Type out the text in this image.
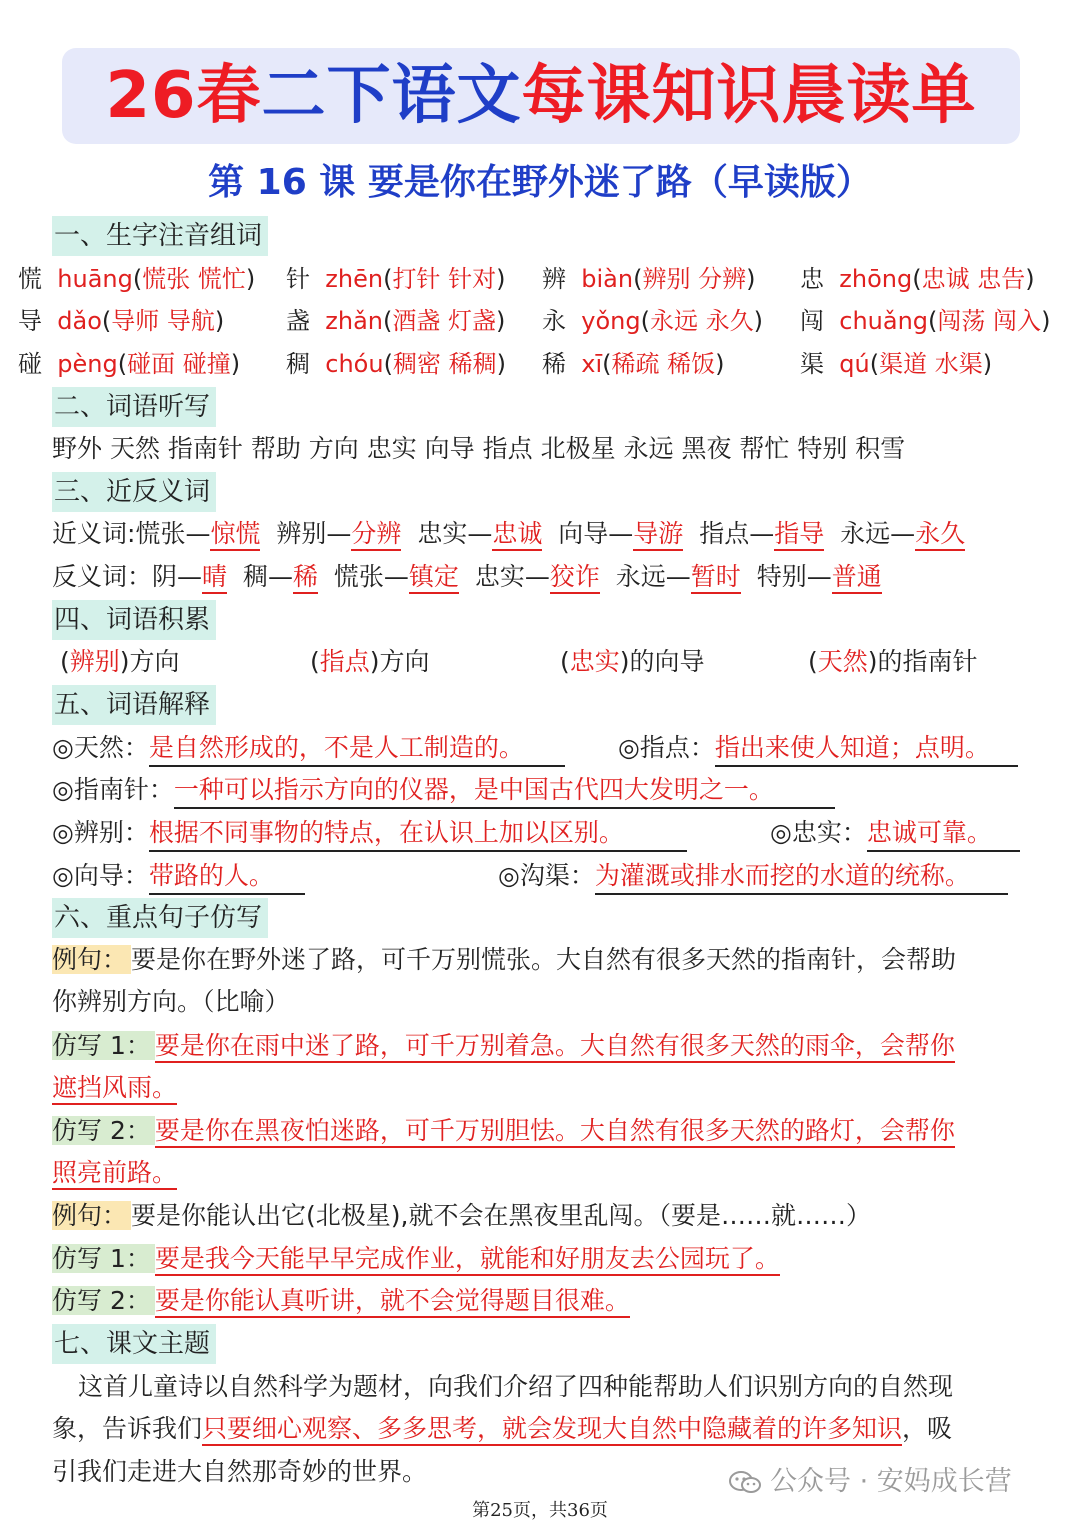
26春二下语文每课知识晨读单
第 16 课 要是你在野外迷了路（早读版）
一、生字注音组词
慌 huāng(慌张 慌忙) 针 zhēn(打针 针对) 辨 biàn(辨别 分辨) 忠 zhōng(忠诚 忠告)
导 dǎo(导师 导航)	盏 zhǎn(酒盏 灯盏) 永 yǒng(永远 永久) 闯 chuǎng(闯荡 闯入)
碰 pèng(碰面 碰撞) 稠 chóu(稠密 稀稠) 稀 xī(稀疏 稀饭)	渠 qú(渠道 水渠)
二、词语听写
野外 天然 指南针 帮助 方向 忠实 向导 指点 北极星 永远 黑夜 帮忙 特别 积雪
三、近反义词
近义词:慌张—惊慌 辨别—分辨 忠实—忠诚 向导—导游 指点—指导 永远—永久
反义词：阴—晴 稠—稀 慌张—镇定 忠实—狡诈 永远—暂时 特别—普通
四、词语积累
(辨别)方向	(指点)方向	(忠实)的向导	(天然)的指南针
五、词语解释
◎天然：是自然形成的，不是人工制造的。	◎指点：指出来使人知道；点明。
◎指南针：一种可以指示方向的仪器，是中国古代四大发明之一。
◎辨别：根据不同事物的特点，在认识上加以区别。	◎忠实：忠诚可靠。
◎向导：带路的人。	◎沟渠：为灌溉或排水而挖的水道的统称。
六、重点句子仿写
例句： 要是你在野外迷了路，可千万别慌张。大自然有很多天然的指南针，会帮助
你辨别方向。（比喻）
仿写 1： 要是你在雨中迷了路，可千万别着急。大自然有很多天然的雨伞，会帮你
遮挡风雨。
仿写 2： 要是你在黑夜怕迷路，可千万别胆怯。大自然有很多天然的路灯，会帮你
照亮前路。
例句： 要是你能认出它(北极星),就不会在黑夜里乱闯。（要是……就……）
仿写 1： 要是我今天能早早完成作业，就能和好朋友去公园玩了。
仿写 2： 要是你能认真听讲，就不会觉得题目很难。
七、课文主题
这首儿童诗以自然科学为题材，向我们介绍了四种能帮助人们识别方向的自然现
象，告诉我们只要细心观察、多多思考，就会发现大自然中隐藏着的许多知识，吸
引我们走进大自然那奇妙的世界。	公众号 · 安妈成长营
第25页，共36页
